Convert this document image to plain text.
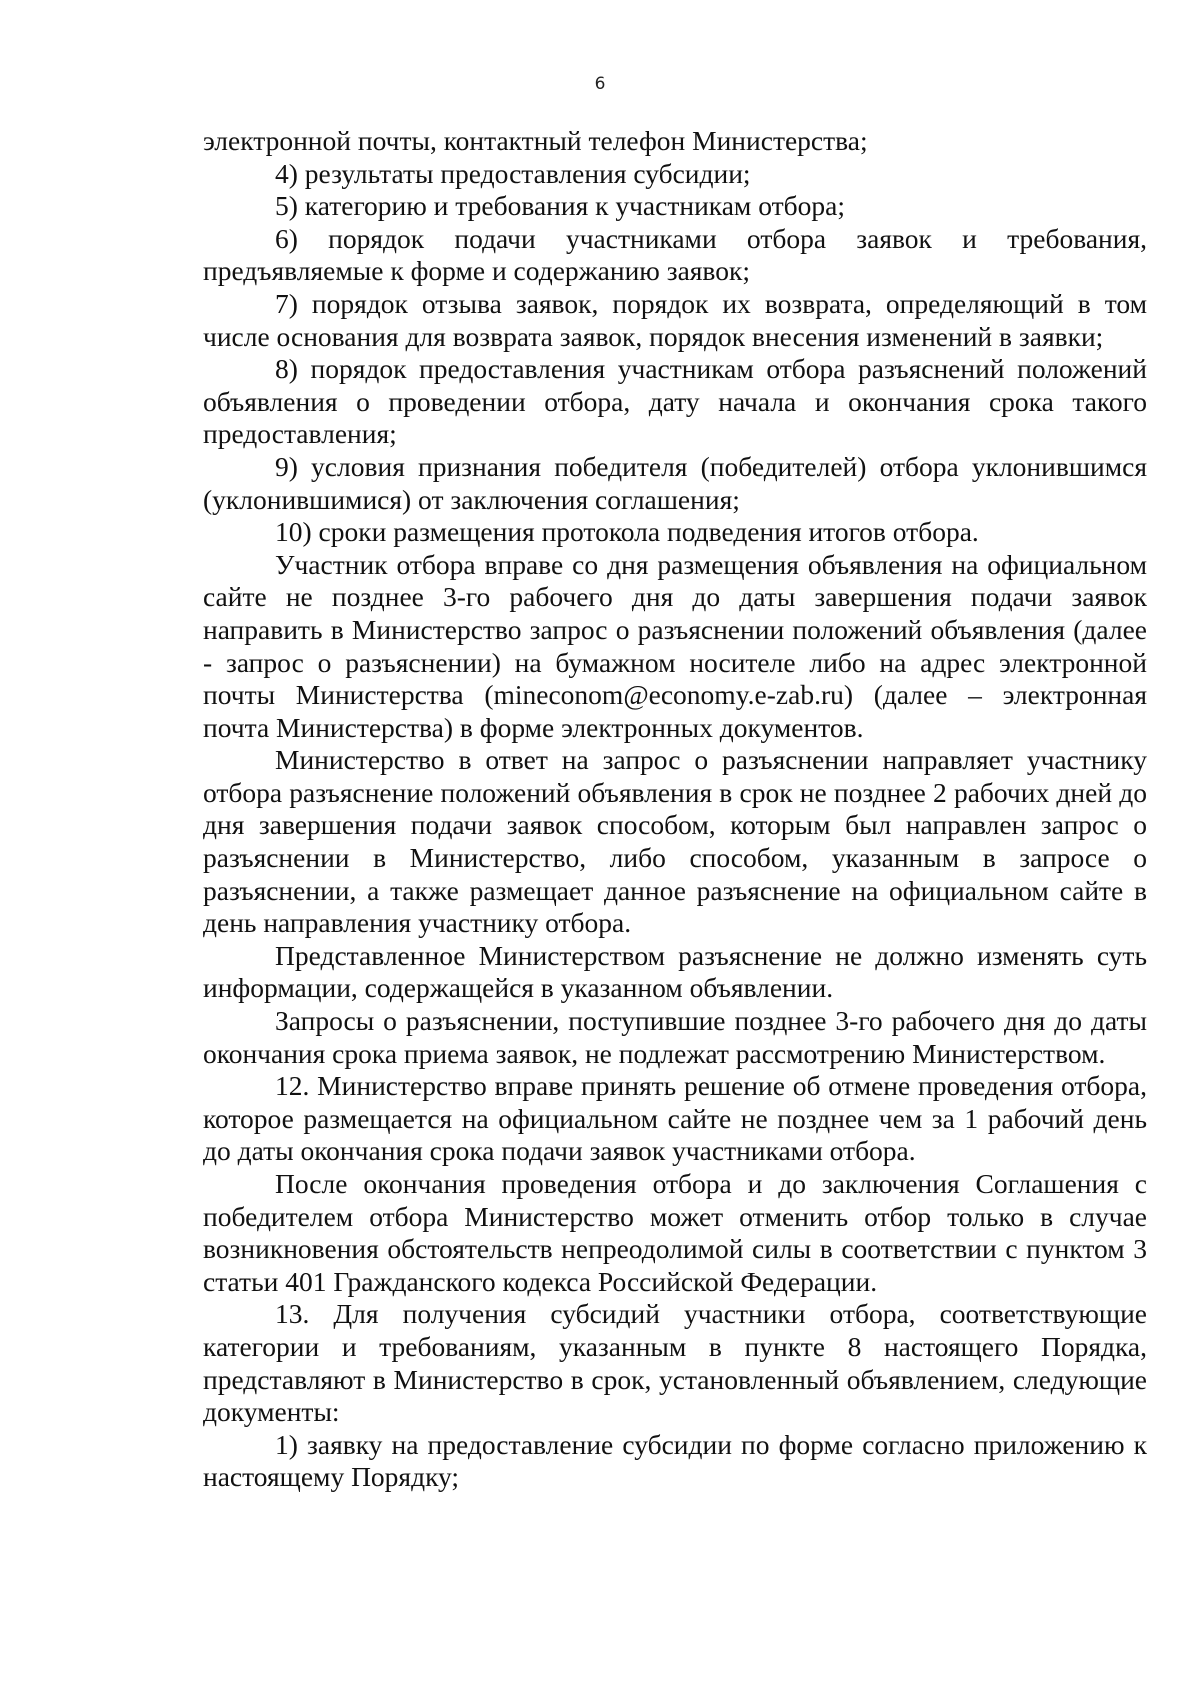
6

электронной почты, контактный телефон Министерства;

4) результаты предоставления субсидии;

5) категорию и требования к участникам отбора;

6) порядок подачи участниками отбора заявок и требования, предъявляемые к форме и содержанию заявок;

7) порядок отзыва заявок, порядок их возврата, определяющий в том числе основания для возврата заявок, порядок внесения изменений в заявки;

8) порядок предоставления участникам отбора разъяснений положений объявления о проведении отбора, дату начала и окончания срока такого предоставления;

9) условия признания победителя (победителей) отбора уклонившимся (уклонившимися) от заключения соглашения;

10) сроки размещения протокола подведения итогов отбора.

Участник отбора вправе со дня размещения объявления на официальном сайте не позднее 3-го рабочего дня до даты завершения подачи заявок направить в Министерство запрос о разъяснении положений объявления (далее - запрос о разъяснении) на бумажном носителе либо на адрес электронной почты Министерства (mineconom@economy.e-zab.ru) (далее – электронная почта Министерства) в форме электронных документов.

Министерство в ответ на запрос о разъяснении направляет участнику отбора разъяснение положений объявления в срок не позднее 2 рабочих дней до дня завершения подачи заявок способом, которым был направлен запрос о разъяснении в Министерство, либо способом, указанным в запросе о разъяснении, а также размещает данное разъяснение на официальном сайте в день направления участнику отбора.

Представленное Министерством разъяснение не должно изменять суть информации, содержащейся в указанном объявлении.

Запросы о разъяснении, поступившие позднее 3-го рабочего дня до даты окончания срока приема заявок, не подлежат рассмотрению Министерством.

12. Министерство вправе принять решение об отмене проведения отбора, которое размещается на официальном сайте не позднее чем за 1 рабочий день до даты окончания срока подачи заявок участниками отбора.

После окончания проведения отбора и до заключения Соглашения с победителем отбора Министерство может отменить отбор только в случае возникновения обстоятельств непреодолимой силы в соответствии с пунктом 3 статьи 401 Гражданского кодекса Российской Федерации.

13. Для получения субсидий участники отбора, соответствующие категории и требованиям, указанным в пункте 8 настоящего Порядка, представляют в Министерство в срок, установленный объявлением, следующие документы:

1) заявку на предоставление субсидии по форме согласно приложению к настоящему Порядку;
